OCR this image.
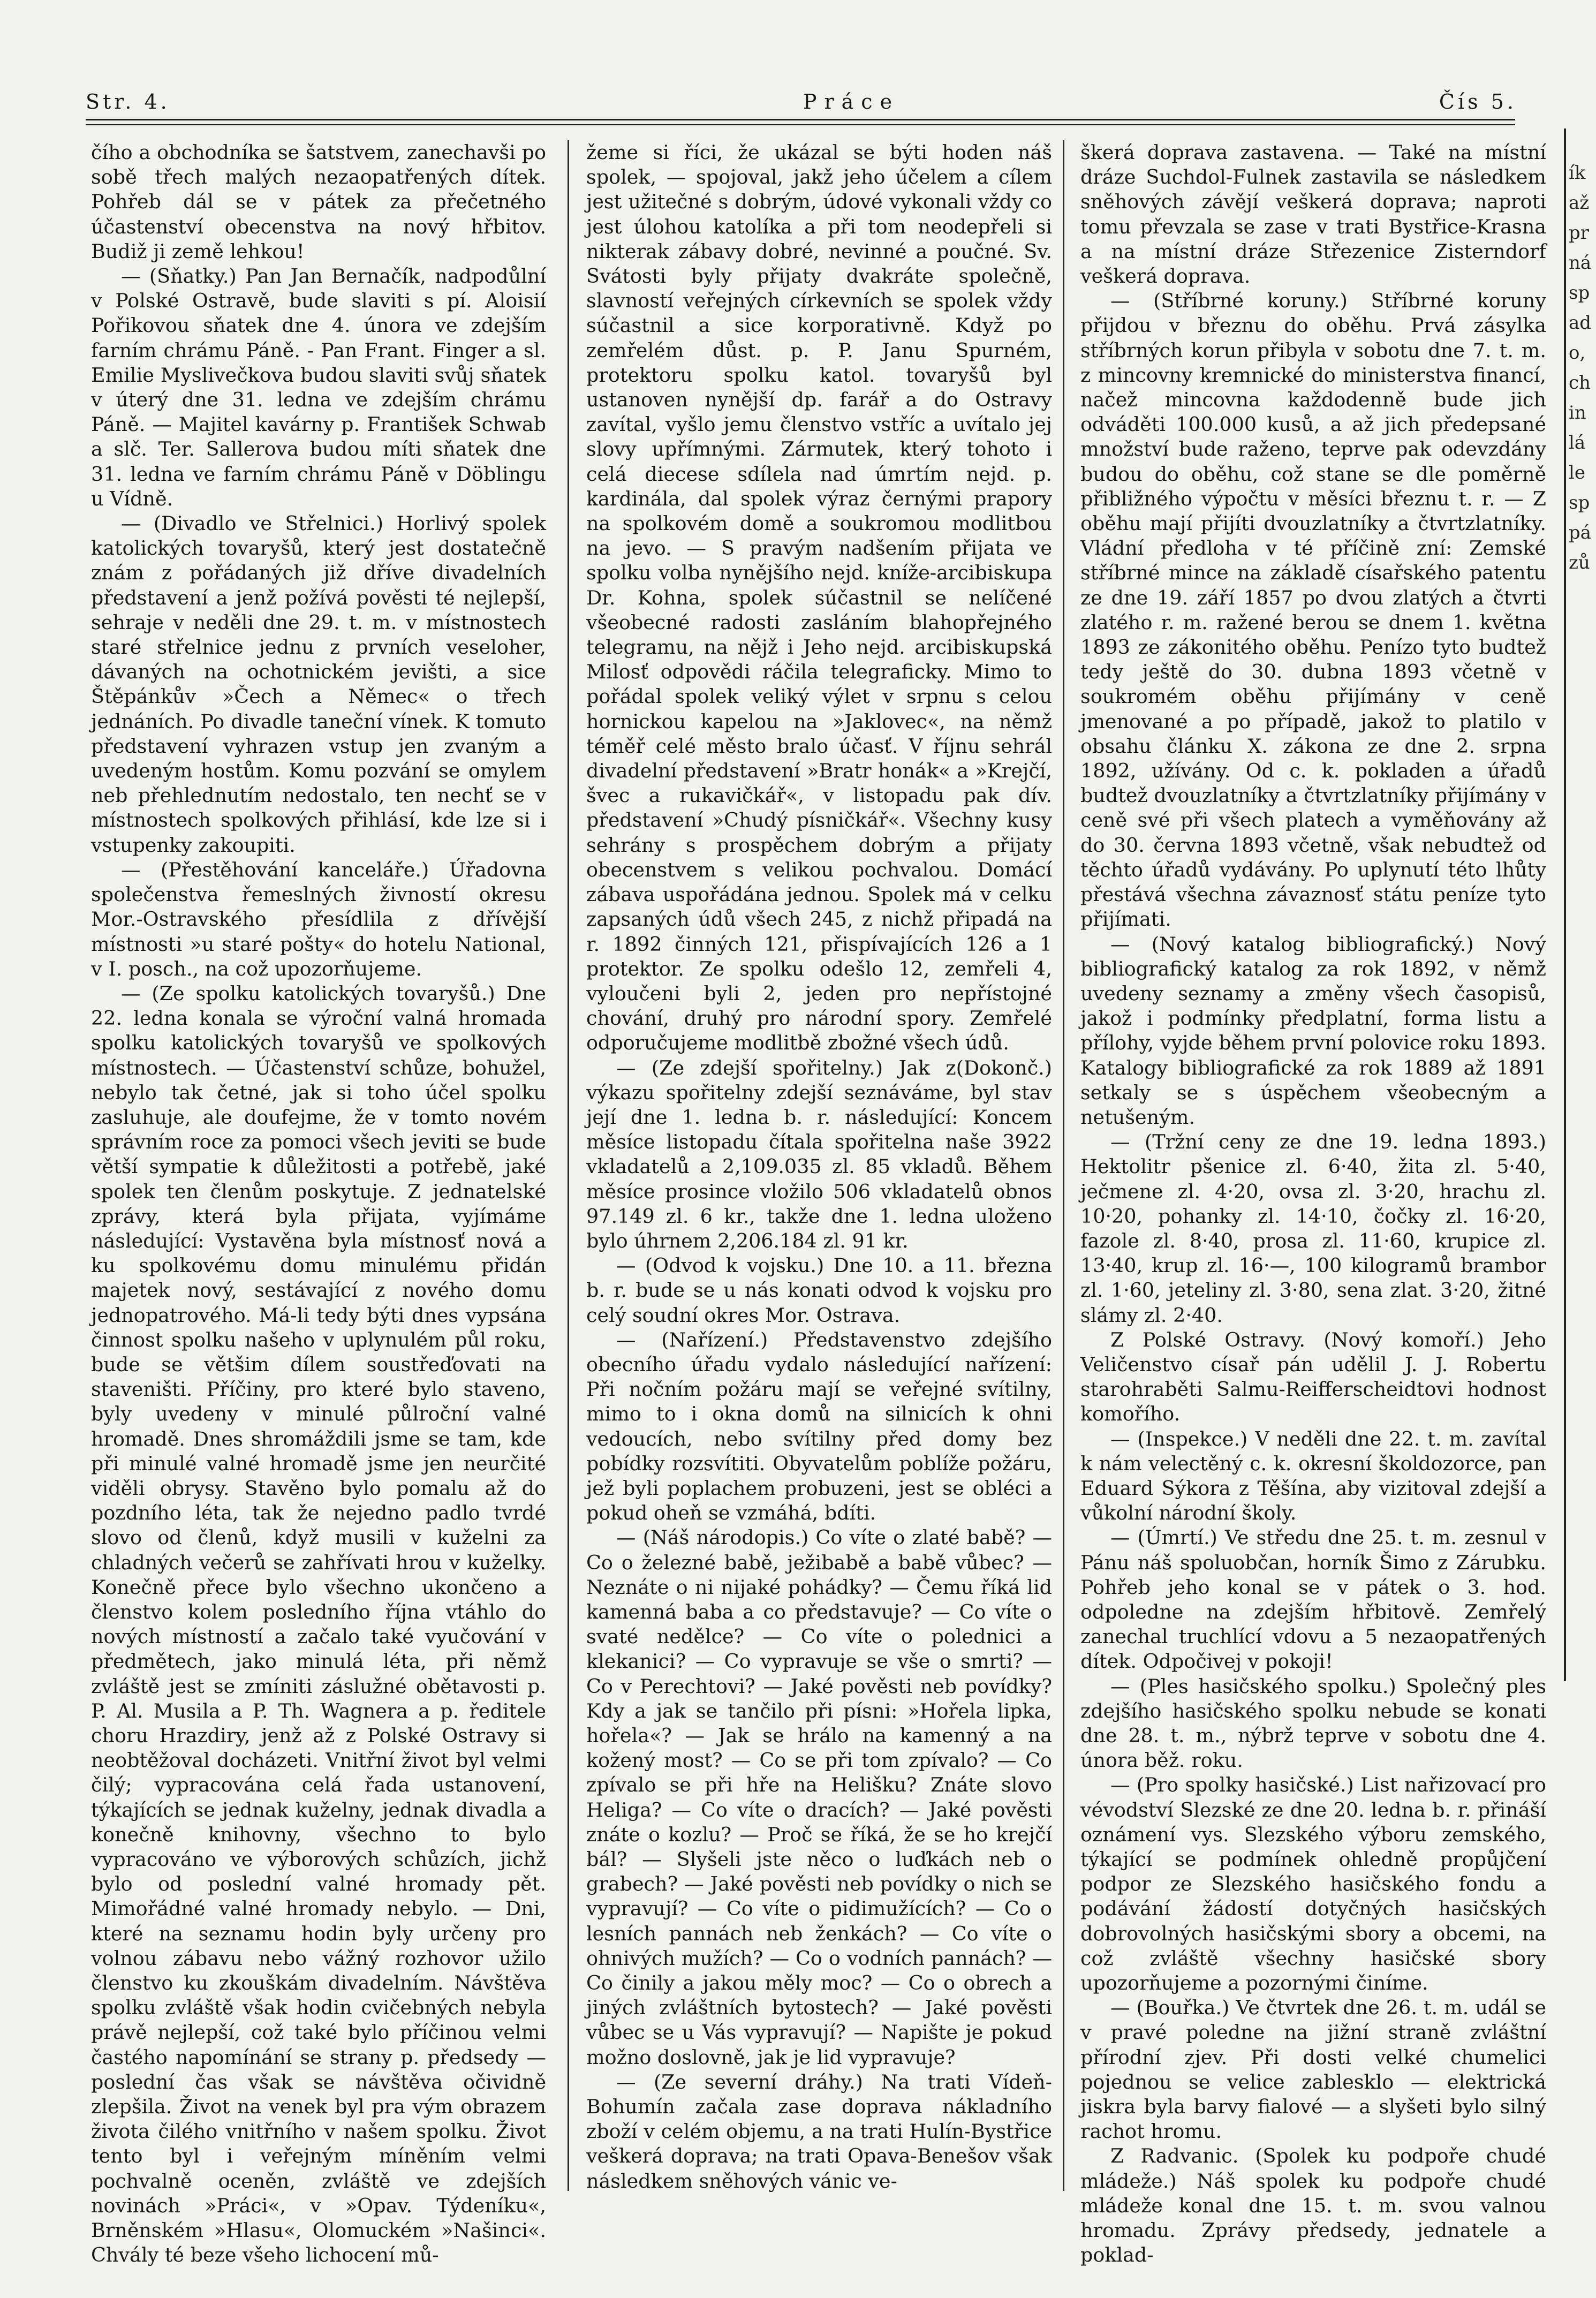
Str. 4.	Práce	Čís 5.

čího a obchodníka se šatstvem, zanechavši po sobě třech malých nezaopatřených dítek. Pohřeb dál se v pátek za přečetného účastenství obecenstva na nový hřbitov. Budiž ji země lehkou!

— (Sňatky.) Pan Jan Bernačík, nadpodůlní v Polské Ostravě, bude slaviti s pí. Aloisií Pořikovou sňatek dne 4. února ve zdejším farním chrámu Páně. - Pan Frant. Finger a sl. Emilie Myslivečkova budou slaviti svůj sňatek v úterý dne 31. ledna ve zdejším chrámu Páně. — Majitel kavárny p. František Schwab a slč. Ter. Sallerova budou míti sňatek dne 31. ledna ve farním chrámu Páně v Döblingu u Vídně.

— (Divadlo ve Střelnici.) Horlivý spolek katolických tovaryšů, který jest dostatečně znám z pořádaných již dříve divadelních představení a jenž požívá pověsti té nejlepší, sehraje v neděli dne 29. t. m. v místnostech staré střelnice jednu z prvních veseloher, dávaných na ochotnickém jevišti, a sice Štěpánkův »Čech a Němec« o třech jednáních. Po divadle taneční vínek. K tomuto představení vyhrazen vstup jen zvaným a uvedeným hostům. Komu pozvání se omylem neb přehlednutím nedostalo, ten nechť se v místnostech spolkových přihlásí, kde lze si i vstupenky zakoupiti.

— (Přestěhování kanceláře.) Úřadovna společenstva řemeslných živností okresu Mor.-Ostravského přesídlila z dřívější místnosti »u staré pošty« do hotelu National, v I. posch., na což upozorňujeme.

— (Ze spolku katolických tovaryšů.) Dne 22. ledna konala se výroční valná hromada spolku katolických tovaryšů ve spolkových místnostech. — Účastenství schůze, bohužel, nebylo tak četné, jak si toho účel spolku zasluhuje, ale doufejme, že v tomto novém správním roce za pomoci všech jeviti se bude větší sympatie k důležitosti a potřebě, jaké spolek ten členům poskytuje. Z jednatelské zprávy, která byla přijata, vyjímáme následující: Vystavěna byla místnosť nová a ku spolkovému domu minulému přidán majetek nový, sestávající z nového domu jednopatrového. Má-li tedy býti dnes vypsána činnost spolku našeho v uplynulém půl roku, bude se většim dílem soustřeďovati na staveništi. Příčiny, pro které bylo staveno, byly uvedeny v minulé půlroční valné hromadě. Dnes shromáždili jsme se tam, kde při minulé valné hromadě jsme jen neurčité viděli obrysy. Stavěno bylo pomalu až do pozdního léta, tak že nejedno padlo tvrdé slovo od členů, když musili v kuželni za chladných večerů se zahřívati hrou v kuželky. Konečně přece bylo všechno ukončeno a členstvo kolem posledního října vtáhlo do nových místností a začalo také vyučování v předmětech, jako minulá léta, při němž zvláště jest se zmíniti záslužné obětavosti p. P. Al. Musila a P. Th. Wagnera a p. ředitele choru Hrazdiry, jenž až z Polské Ostravy si neobtěžoval docházeti. Vnitřní život byl velmi čilý; vypracována celá řada ustanovení, týkajících se jednak kuželny, jednak divadla a konečně knihovny, všechno to bylo vypracováno ve výborových schůzích, jichž bylo od poslední valné hromady pět. Mimořádné valné hromady nebylo. — Dni, které na seznamu hodin byly určeny pro volnou zábavu nebo vážný rozhovor užilo členstvo ku zkouškám divadelním. Návštěva spolku zvláště však hodin cvičebných nebyla právě nejlepší, což také bylo příčinou velmi častého napomínání se strany p. předsedy — poslední čas však se návštěva očividně zlepšila. Život na venek byl pra vým obrazem života čilého vnitřního v našem spolku. Život tento byl i veřejným míněním velmi pochvalně oceněn, zvláště ve zdejších novinách »Práci«, v »Opav. Týdeníku«, Brněnském »Hlasu«, Olomuckém »Našinci«. Chvály té beze všeho lichocení mů-

žeme si říci, že ukázal se býti hoden náš spolek, — spojoval, jakž jeho účelem a cílem jest užitečné s dobrým, údové vykonali vždy co jest úlohou katolíka a při tom neodepřeli si nikterak zábavy dobré, nevinné a poučné. Sv. Svátosti byly přijaty dvakráte společně, slavností veřejných církevních se spolek vždy súčastnil a sice korporativně. Když po zemřelém důst. p. P. Janu Spurném, protektoru spolku katol. tovaryšů byl ustanoven nynější dp. farář a do Ostravy zavítal, vyšlo jemu členstvo vstříc a uvítalo jej slovy upřímnými. Zármutek, který tohoto i celá diecese sdílela nad úmrtím nejd. p. kardinála, dal spolek výraz černými prapory na spolkovém domě a soukromou modlitbou na jevo. — S pravým nadšením přijata ve spolku volba nynějšího nejd. kníže-arcibiskupa Dr. Kohna, spolek súčastnil se nelíčené všeobecné radosti zasláním blahopřejného telegramu, na nějž i Jeho nejd. arcibiskupská Milosť odpovědi ráčila telegraficky. Mimo to pořádal spolek veliký výlet v srpnu s celou hornickou kapelou na »Jaklovec«, na němž téměř celé město bralo účasť. V říjnu sehrál divadelní představení »Bratr honák« a »Krejčí, švec a rukavičkář«, v listopadu pak dív. představení »Chudý písničkář«. Všechny kusy sehrány s prospěchem dobrým a přijaty obecenstvem s velikou pochvalou. Domácí zábava uspořádána jednou. Spolek má v celku zapsaných údů všech 245, z nichž připadá na r. 1892 činných 121, přispívajících 126 a 1 protektor. Ze spolku odešlo 12, zemřeli 4, vyloučeni byli 2, jeden pro nepřístojné chování, druhý pro národní spory. Zemřelé odporučujeme modlitbě zbožné všech údů.
(Dokonč.)

— (Ze zdejší spořitelny.) Jak z výkazu spořitelny zdejší seznáváme, byl stav její dne 1. ledna b. r. následující: Koncem měsíce listopadu čítala spořitelna naše 3922 vkladatelů a 2,109.035 zl. 85 vkladů. Během měsíce prosince vložilo 506 vkladatelů obnos 97.149 zl. 6 kr., takže dne 1. ledna uloženo bylo úhrnem 2,206.184 zl. 91 kr.

— (Odvod k vojsku.) Dne 10. a 11. března b. r. bude se u nás konati odvod k vojsku pro celý soudní okres Mor. Ostrava.

— (Nařízení.) Představenstvo zdejšího obecního úřadu vydalo následující nařízení: Při nočním požáru mají se veřejné svítilny, mimo to i okna domů na silnicích k ohni vedoucích, nebo svítilny před domy bez pobídky rozsvítiti. Obyvatelům poblíže požáru, jež byli poplachem probuzeni, jest se obléci a pokud oheň se vzmáhá, bdíti.

— (Náš národopis.) Co víte o zlaté babě? — Co o železné babě, ježibabě a babě vůbec? — Neznáte o ni nijaké pohádky? — Čemu říká lid kamenná baba a co představuje? — Co víte o svaté nedělce? — Co víte o polednici a klekanici? — Co vypravuje se vše o smrti? — Co v Perechtovi? — Jaké pověsti neb povídky? Kdy a jak se tančilo při písni: »Hořela lipka, hořela«? — Jak se hrálo na kamenný a na kožený most? — Co se při tom zpívalo? — Co zpívalo se při hře na Helišku? Znáte slovo Heliga? — Co víte o dracích? — Jaké pověsti znáte o kozlu? — Proč se říká, že se ho krejčí bál? — Slyšeli jste něco o luďkách neb o grabech? — Jaké pověsti neb povídky o nich se vypravují? — Co víte o pidimužících? — Co o lesních pannách neb ženkách? — Co víte o ohnivých mužích? — Co o vodních pannách? — Co činily a jakou měly moc? — Co o obrech a jiných zvláštních bytostech? — Jaké pověsti vůbec se u Vás vypravují? — Napište je pokud možno doslovně, jak je lid vypravuje?

— (Ze severní dráhy.) Na trati Vídeň-Bohumín začala zase doprava nákladního zboží v celém objemu, a na trati Hulín-Bystřice veškerá doprava; na trati Opava-Benešov však následkem sněhových vánic ve-

škerá doprava zastavena. — Také na místní dráze Suchdol-Fulnek zastavila se následkem sněhových závějí veškerá doprava; naproti tomu převzala se zase v trati Bystřice-Krasna a na místní dráze Střezenice Zisterndorf veškerá doprava.

— (Stříbrné koruny.) Stříbrné koruny přijdou v březnu do oběhu. Prvá zásylka stříbrných korun přibyla v sobotu dne 7. t. m. z mincovny kremnické do ministerstva financí, načež mincovna každodenně bude jich odváděti 100.000 kusů, a až jich předepsané množství bude raženo, teprve pak odevzdány budou do oběhu, což stane se dle poměrně přibližného výpočtu v měsíci březnu t. r. — Z oběhu mají přijíti dvouzlatníky a čtvrtzlatníky. Vládní předloha v té příčině zní: Zemské stříbrné mince na základě císařského patentu ze dne 19. září 1857 po dvou zlatých a čtvrti zlatého r. m. ražené berou se dnem 1. května 1893 ze zákonitého oběhu. Penízo tyto budtež tedy ještě do 30. dubna 1893 včetně v soukromém oběhu přijímány v ceně jmenované a po případě, jakož to platilo v obsahu článku X. zákona ze dne 2. srpna 1892, užívány. Od c. k. pokladen a úřadů budtež dvouzlatníky a čtvrtzlatníky přijímány v ceně své při všech platech a vyměňovány až do 30. června 1893 včetně, však nebudtež od těchto úřadů vydávány. Po uplynutí této lhůty přestává všechna závaznosť státu peníze tyto přijímati.

— (Nový katalog bibliografický.) Nový bibliografický katalog za rok 1892, v němž uvedeny seznamy a změny všech časopisů, jakož i podmínky předplatní, forma listu a přílohy, vyjde během první polovice roku 1893. Katalogy bibliografické za rok 1889 až 1891 setkaly se s úspěchem všeobecným a netušeným.

— (Tržní ceny ze dne 19. ledna 1893.) Hektolitr pšenice zl. 6·40, žita zl. 5·40, ječmene zl. 4·20, ovsa zl. 3·20, hrachu zl. 10·20, pohanky zl. 14·10, čočky zl. 16·20, fazole zl. 8·40, prosa zl. 11·60, krupice zl. 13·40, krup zl. 16·—, 100 kilogramů brambor zl. 1·60, jeteliny zl. 3·80, sena zlat. 3·20, žitné slámy zl. 2·40.

Z Polské Ostravy. (Nový komoří.) Jeho Veličenstvo císař pán udělil J. J. Robertu starohraběti Salmu-Reifferscheidtovi hodnost komořího.

— (Inspekce.) V neděli dne 22. t. m. zavítal k nám velectěný c. k. okresní školdozorce, pan Eduard Sýkora z Těšína, aby vizitoval zdejší a vůkolní národní školy.

— (Úmrtí.) Ve středu dne 25. t. m. zesnul v Pánu náš spoluobčan, horník Šimo z Zárubku. Pohřeb jeho konal se v pátek o 3. hod. odpoledne na zdejším hřbitově. Zemřelý zanechal truchlící vdovu a 5 nezaopatřených dítek. Odpočivej v pokoji!

— (Ples hasičského spolku.) Společný ples zdejšího hasičského spolku nebude se konati dne 28. t. m., nýbrž teprve v sobotu dne 4. února běž. roku.

— (Pro spolky hasičské.) List nařizovací pro vévodství Slezské ze dne 20. ledna b. r. přináší oznámení vys. Slezského výboru zemského, týkající se podmínek ohledně propůjčení podpor ze Slezského hasičského fondu a podávání žádostí dotyčných hasičských dobrovolných hasičskými sbory a obcemi, na což zvláště všechny hasičské sbory upozorňujeme a pozornými činíme.

— (Bouřka.) Ve čtvrtek dne 26. t. m. udál se v pravé poledne na jižní straně zvláštní přírodní zjev. Při dosti velké chumelici pojednou se velice zablesklo — elektrická jiskra byla barvy fialové — a slyšeti bylo silný rachot hromu.

Z Radvanic. (Spolek ku podpoře chudé mládeže.) Náš spolek ku podpoře chudé mládeže konal dne 15. t. m. svou valnou hromadu. Zprávy předsedy, jednatele a poklad-

ík
až
pr
ná
sp
ad
o,
ch
in
lá
le
sp
pá
zů
